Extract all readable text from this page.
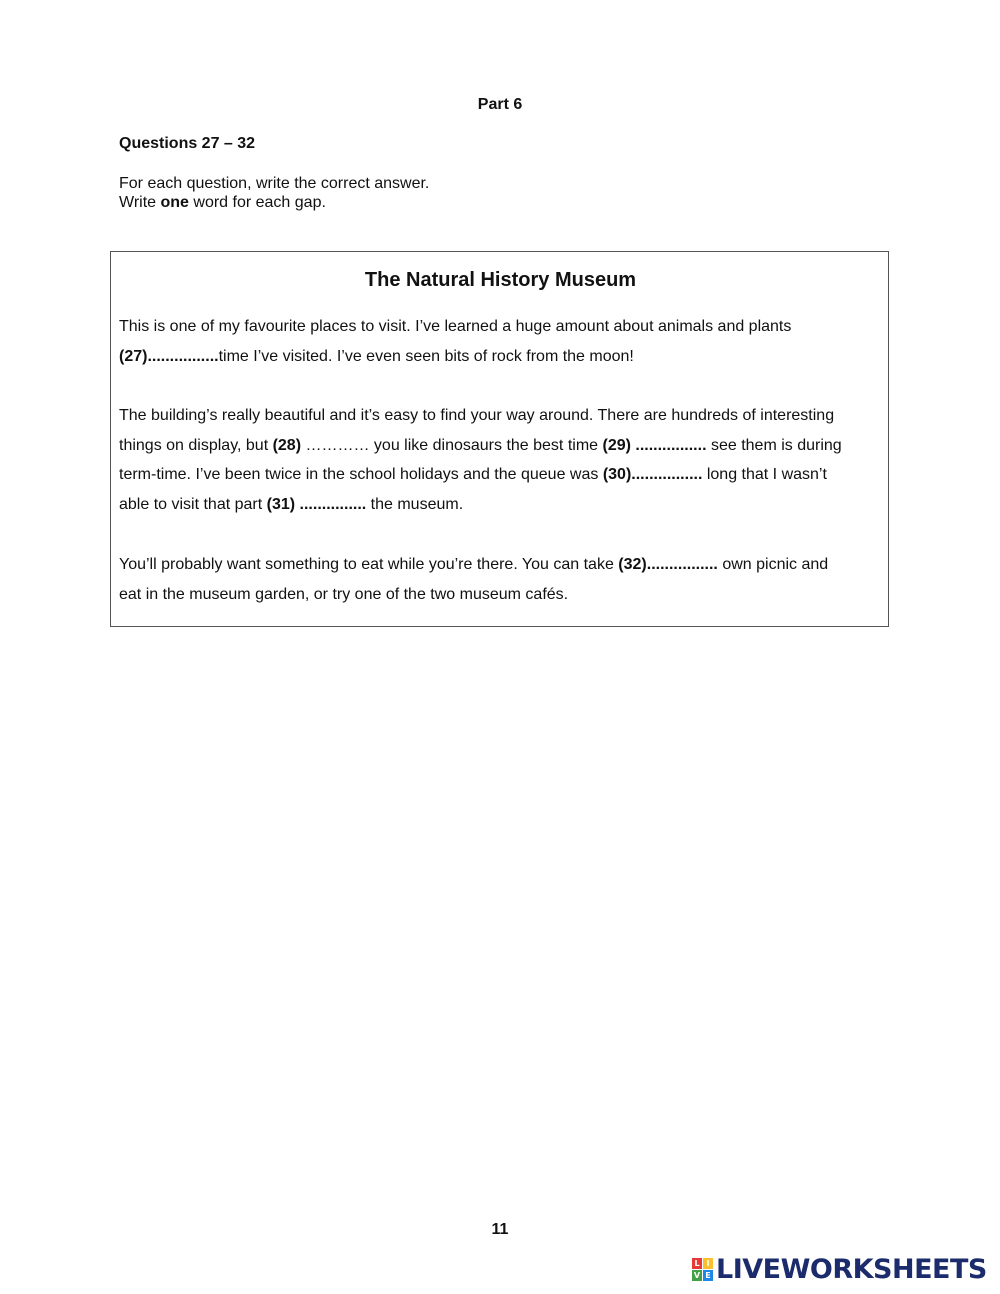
Part 6
Questions 27 – 32
For each question, write the correct answer.
Write one word for each gap.
The Natural History Museum
This is one of my favourite places to visit. I’ve learned a huge amount about animals and plants
(27)................time I’ve visited. I’ve even seen bits of rock from the moon!
The building’s really beautiful and it’s easy to find your way around. There are hundreds of interesting
things on display, but (28) ………… you like dinosaurs the best time (29) ................ see them is during
term-time. I’ve been twice in the school holidays and the queue was (30)................ long that I wasn’t
able to visit that part (31) ............... the museum.
You’ll probably want something to eat while you’re there. You can take (32)................ own picnic and
eat in the museum garden, or try one of the two museum cafés.
11
L I
V E LIVEWORKSHEETS
